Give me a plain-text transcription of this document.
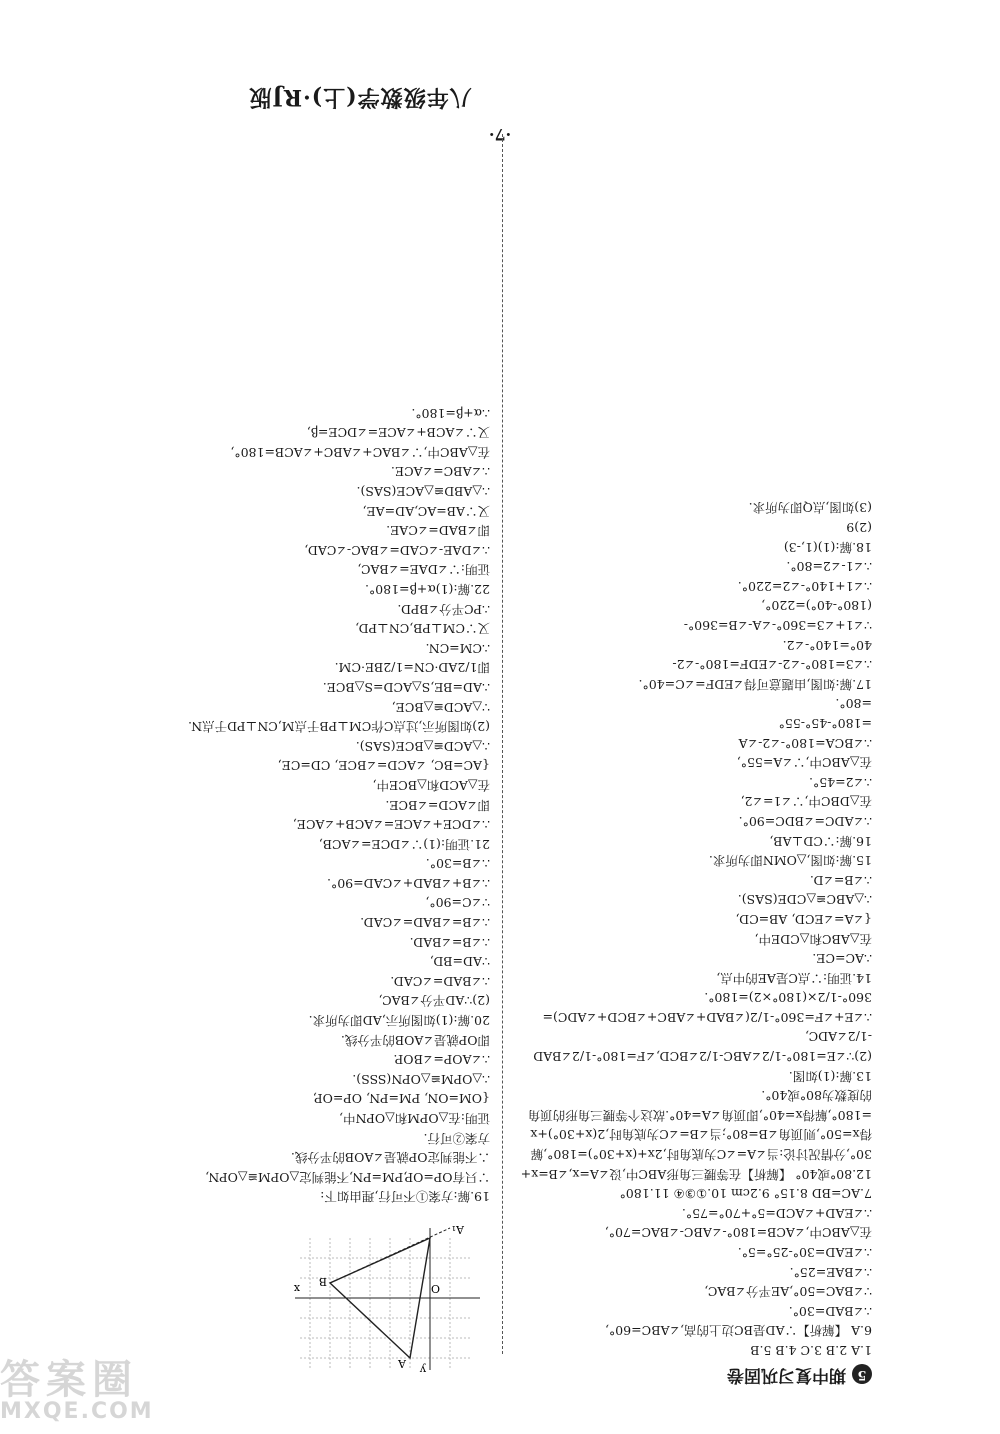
八年级数学(上)·RJ版
·7·
5
期中复习巩固卷
1.A 2.B 3.C 4.B 5.B
6.A 【解析】∵AD是BC边上的高,∠ABC=60°,
∴∠BAD=30°.
∵∠BAC=50°,AE平分∠BAC,
∴∠BAE=25°.
∴∠EAD=30°-25°=5°.
在△ABC中,∠ACB=180°-∠ABC-∠BAC=70°,
∴∠EAD+∠ACD=5°+70°=75°.
7.AC=BD 8.15° 9.2cm 10.①③④ 11.180°
12.80°或40° 【解析】在等腰三角形ABC中,设∠A=x,∠B=x+
30°,分情况讨论:当∠A=∠C为底角时,2x+(x+30°)=180°,解
得x=50°,则顶角∠B=80°;当∠B=∠C为底角时,2(x+30°)+x
=180°,解得x=40°,即顶角∠A=40°.故这个等腰三角形的顶角
的度数为80°或40°.
13.解:(1)如图.
(2)∵∠E=180°-1/2∠ABC-1/2∠BCD,∠F=180°-1/2∠BAD
-1/2∠ADC,
∴∠E+∠F=360°-1/2(∠BAD+∠ABC+∠BCD+∠ADC)=
360°-1/2×(180°×2)=180°.
14.证明:∵点C是AE的中点,
∴AC=CE.
在△ABC和△CDE中,
{∠A=∠ECD, AB=CD,
∴△ABC≌△CDE(SAS).
∴∠B=∠D.
15.解:如图,△OMN即为所求.
16.解:∵CD⊥AB,
∴∠ADC=∠BDC=90°.
在△DBC中,∵∠1=∠2,
∴∠2=45°.
在△ABC中,∵∠A=55°,
∴∠BCA=180°-∠2-∠A
=180°-45°-55°
=80°.
17.解:如图,由题意可得∠EDF=∠C=40°.
∴∠3=180°-∠2-∠EDF=180°-∠2-
40°=140°-∠2.
∵∠1+∠3=360°-∠A-∠B=360°-
(180°-40°)=220°,
∴∠1+140°-∠2=220°.
∴∠1-∠2=80°.
18.解:(1)(1,-3)
(2)9
(3)如图,点Q即为所求.
x
y
O
A
B
A₁
19.解:方案①不可行,理由如下:
∵只有OP=OP,PM=PN,不能判定△OPM≌△OPN,
∴不能判定OP就是∠AOB的平分线.
方案②可行.
证明:在△OPM和△OPN中,
{OM=ON, PM=PN, OP=OP,
∴△OPM≌△OPN(SSS).
∴∠AOP=∠BOP.
即OP就是∠AOB的平分线.
20.解:(1)如图所示,AD即为所求.
(2)∵AD平分∠BAC,
∴∠BAD=∠CAD.
∵AD=BD,
∴∠B=∠BAD.
∴∠B=∠BAD=∠CAD.
∵∠C=90°,
∴∠B+∠BAD+∠CAD=90°.
∴∠B=30°.
21.证明:(1)∵∠DCE=∠ACB,
∴∠DCE+∠ACE=∠ACB+∠ACE,
即∠ACD=∠BCE.
在△ACD和△BCE中,
{AC=BC, ∠ACD=∠BCE, CD=CE,
∴△ACD≌△BCE(SAS).
(2)如图所示,过点C作CM⊥PB于点M,CN⊥PD于点N.
∵△ACD≌△BCE,
∴AD=BE,S△ACD=S△BCE.
即1/2AD·CN=1/2BE·CM.
∴CM=CN.
又∵CM⊥PB,CN⊥PD,
∴PC平分∠BPD.
22.解:(1)α+β=180°.
证明:∵∠DAE=∠BAC,
∴∠DAE-∠CAD=∠BAC-∠CAD,
即∠BAD=∠CAE.
又∵AB=AC,AD=AE,
∴△ABD≌△ACE(SAS).
∴∠ABC=∠ACE.
在△ABC中,∵∠BAC+∠ABC+∠ACB=180°,
又∵∠ACB+∠ACE=∠DCE=β,
∴α+β=180°.
答案圈
MXQE.COM
